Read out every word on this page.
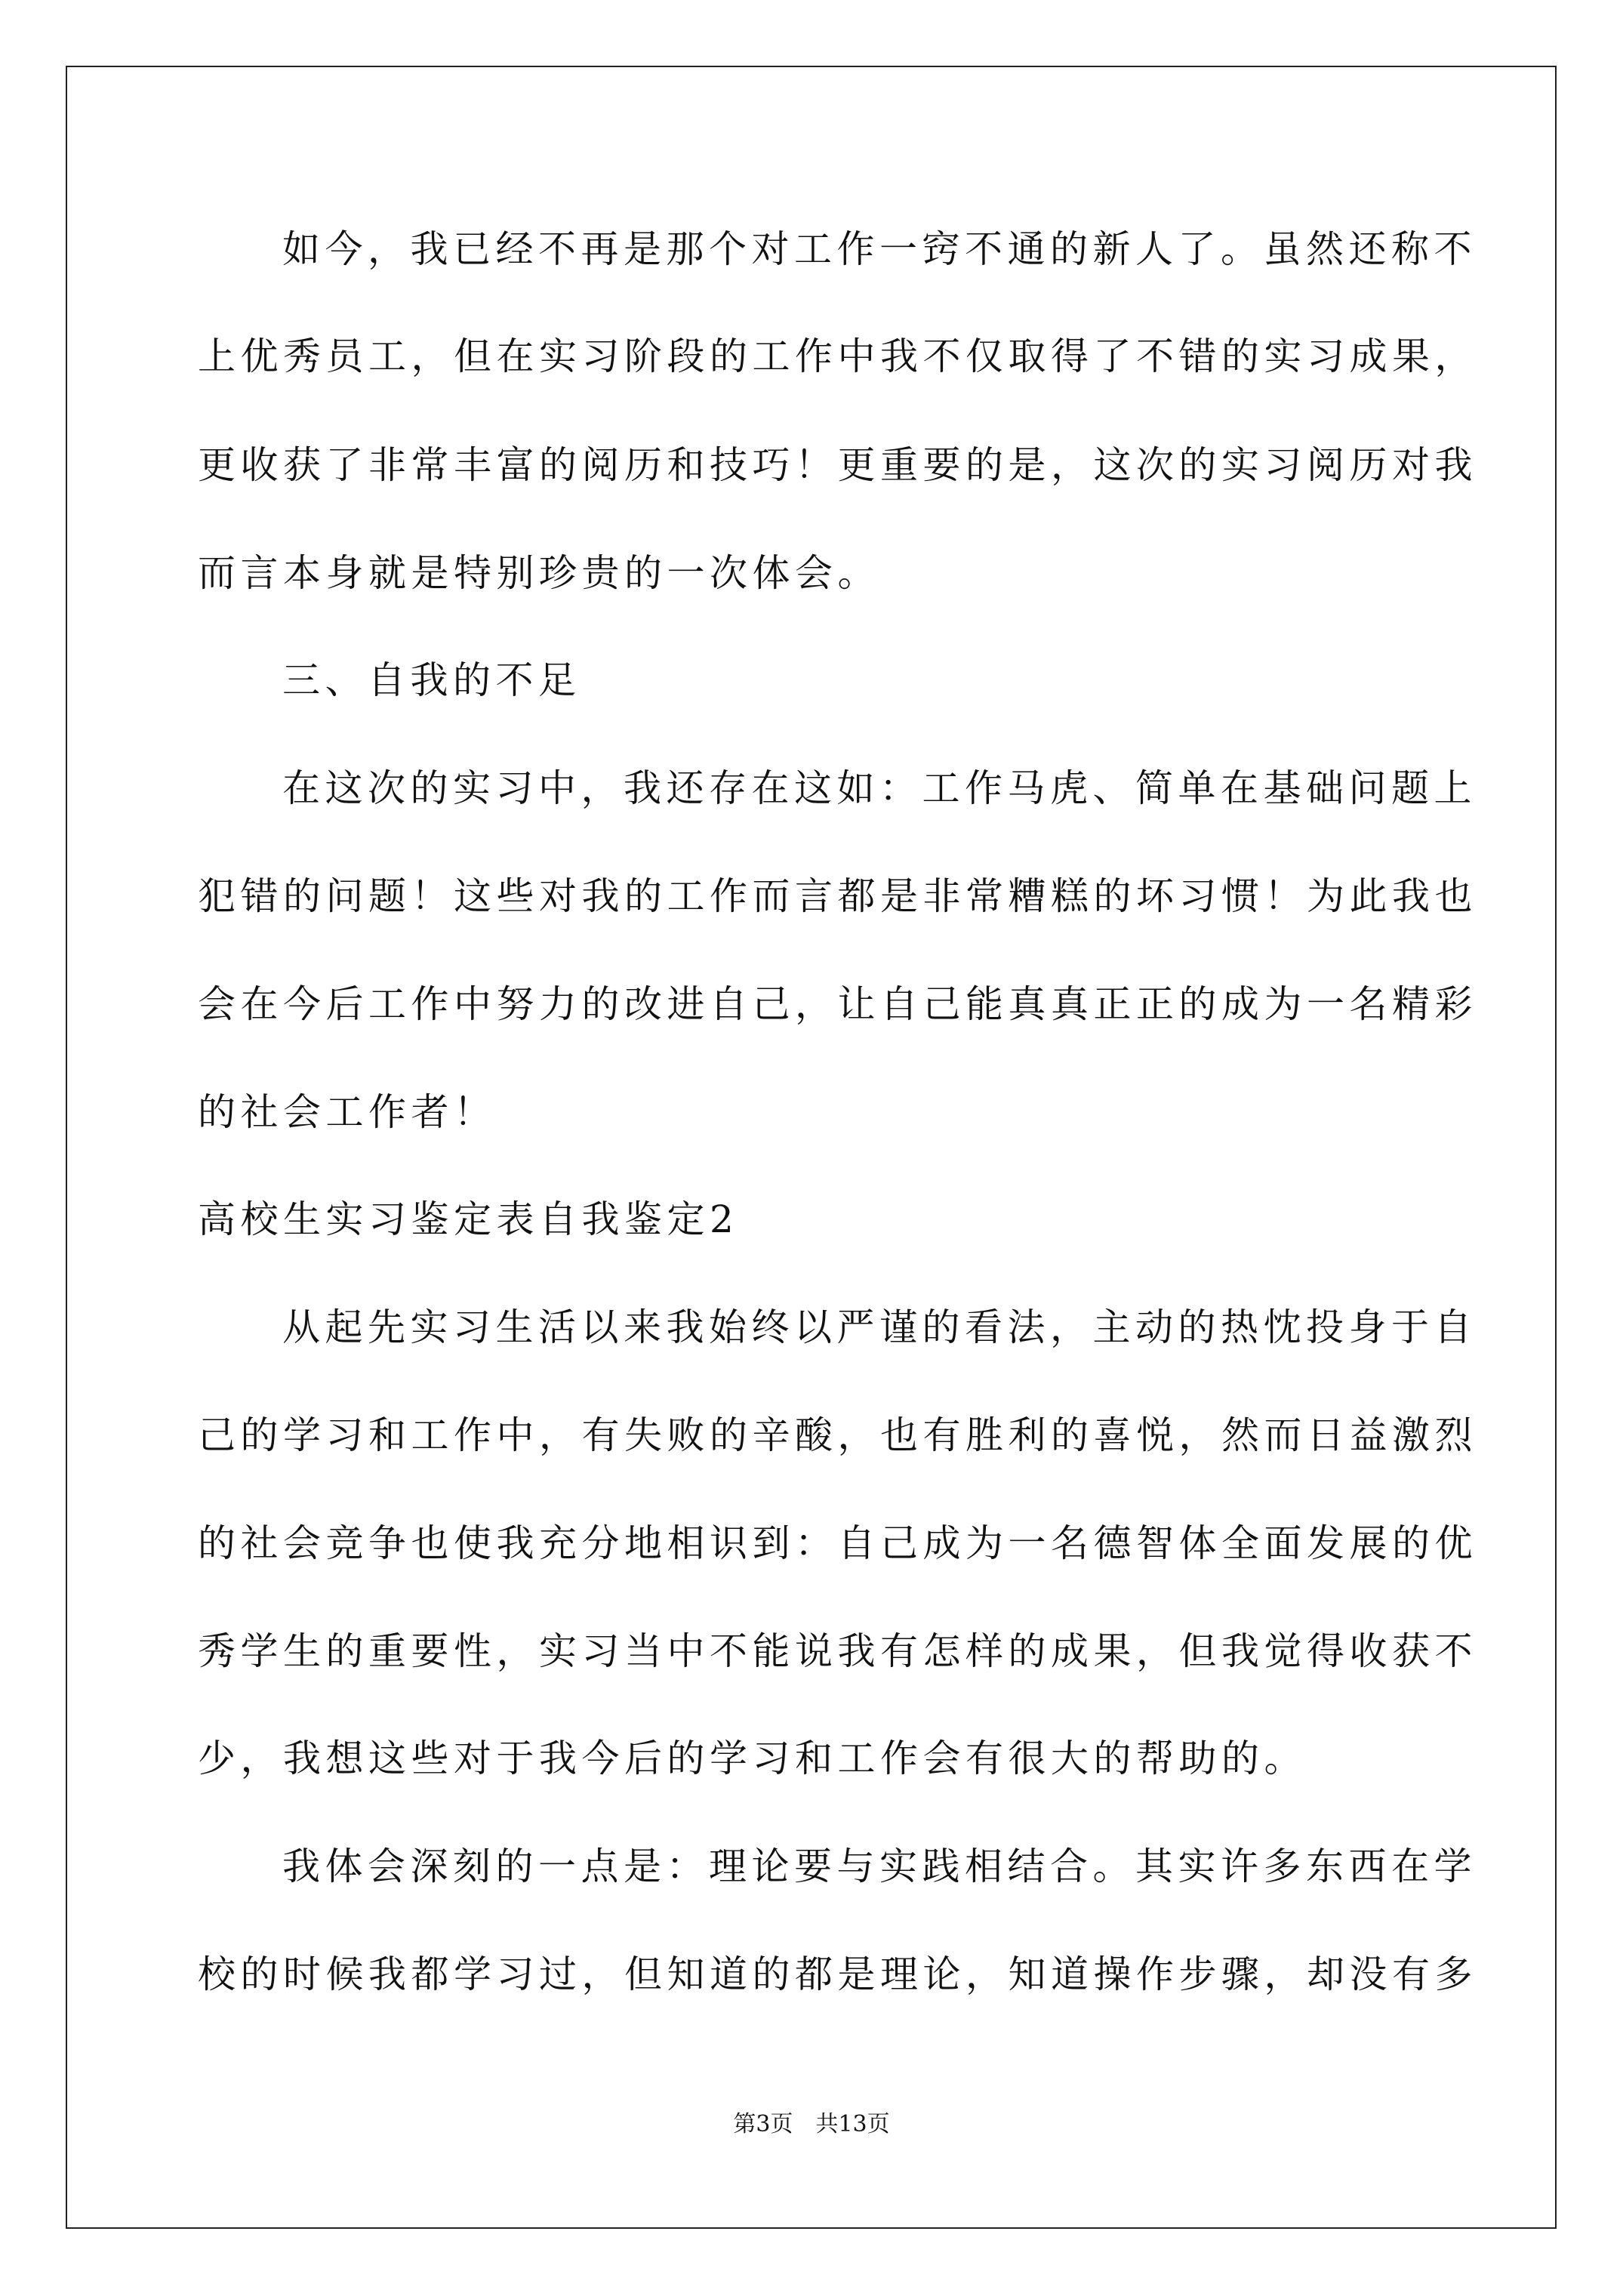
如今，我已经不再是那个对工作一窍不通的新人了。虽然还称不

上优秀员工，但在实习阶段的工作中我不仅取得了不错的实习成果，

更收获了非常丰富的阅历和技巧！更重要的是，这次的实习阅历对我

而言本身就是特别珍贵的一次体会。

三、自我的不足

在这次的实习中，我还存在这如：工作马虎、简单在基础问题上

犯错的问题！这些对我的工作而言都是非常糟糕的坏习惯！为此我也

会在今后工作中努力的改进自己，让自己能真真正正的成为一名精彩

的社会工作者！

高校生实习鉴定表自我鉴定2

从起先实习生活以来我始终以严谨的看法，主动的热忱投身于自

己的学习和工作中，有失败的辛酸，也有胜利的喜悦，然而日益激烈

的社会竞争也使我充分地相识到：自己成为一名德智体全面发展的优

秀学生的重要性，实习当中不能说我有怎样的成果，但我觉得收获不

少，我想这些对于我今后的学习和工作会有很大的帮助的。

我体会深刻的一点是：理论要与实践相结合。其实许多东西在学

校的时候我都学习过，但知道的都是理论，知道操作步骤，却没有多

第3页　共13页
